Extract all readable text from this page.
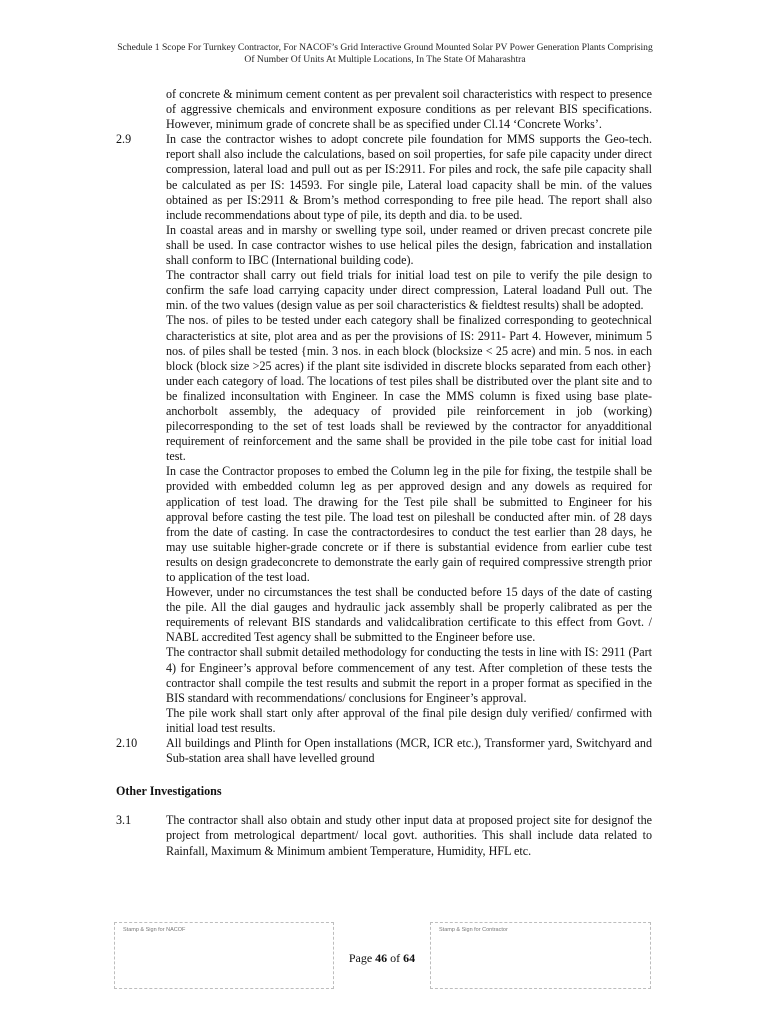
Schedule 1 Scope For Turnkey Contractor, For NACOF’s Grid Interactive Ground Mounted Solar PV Power Generation Plants Comprising
Of Number Of Units At Multiple Locations, In The State Of Maharashtra

of concrete & minimum cement content as per prevalent soil characteristics with respect to presence of aggressive chemicals and environment exposure conditions as per relevant BIS specifications. However, minimum grade of concrete shall be as specified under Cl.14 ‘Concrete Works’.

2.9	In case the contractor wishes to adopt concrete pile foundation for MMS supports the Geo-tech. report shall also include the calculations, based on soil properties, for safe pile capacity under direct compression, lateral load and pull out as per IS:2911. For piles and rock, the safe pile capacity shall be calculated as per IS: 14593. For single pile, Lateral load capacity shall be min. of the values obtained as per IS:2911 & Brom’s method corresponding to free pile head. The report shall also include recommendations about type of pile, its depth and dia. to be used.

In coastal areas and in marshy or swelling type soil, under reamed or driven precast concrete pile shall be used. In case contractor wishes to use helical piles the design, fabrication and installation shall conform to IBC (International building code).

The contractor shall carry out field trials for initial load test on pile to verify the pile design to confirm the safe load carrying capacity under direct compression, Lateral loadand Pull out. The min. of the two values (design value as per soil characteristics & fieldtest results) shall be adopted.

The nos. of piles to be tested under each category shall be finalized corresponding to geotechnical characteristics at site, plot area and as per the provisions of IS: 2911- Part 4. However, minimum 5 nos. of piles shall be tested {min. 3 nos. in each block (blocksize < 25 acre) and min. 5 nos. in each block (block size >25 acres) if the plant site isdivided in discrete blocks separated from each other} under each category of load. The locations of test piles shall be distributed over the plant site and to be finalized inconsultation with Engineer. In case the MMS column is fixed using base plate-anchorbolt assembly, the adequacy of provided pile reinforcement in job (working) pilecorresponding to the set of test loads shall be reviewed by the contractor for anyadditional requirement of reinforcement and the same shall be provided in the pile tobe cast for initial load test.

In case the Contractor proposes to embed the Column leg in the pile for fixing, the testpile shall be provided with embedded column leg as per approved design and any dowels as required for application of test load. The drawing for the Test pile shall be submitted to Engineer for his approval before casting the test pile. The load test on pileshall be conducted after min. of 28 days from the date of casting. In case the contractordesires to conduct the test earlier than 28 days, he may use suitable higher-grade concrete or if there is substantial evidence from earlier cube test results on design gradeconcrete to demonstrate the early gain of required compressive strength prior to application of the test load.

However, under no circumstances the test shall be conducted before 15 days of the date of casting the pile. All the dial gauges and hydraulic jack assembly shall be properly calibrated as per the requirements of relevant BIS standards and validcalibration certificate to this effect from Govt. / NABL accredited Test agency shall be submitted to the Engineer before use.

The contractor shall submit detailed methodology for conducting the tests in line with IS: 2911 (Part 4) for Engineer’s approval before commencement of any test. After completion of these tests the contractor shall compile the test results and submit the report in a proper format as specified in the BIS standard with recommendations/ conclusions for Engineer’s approval.

The pile work shall start only after approval of the final pile design duly verified/ confirmed with initial load test results.

2.10 All buildings and Plinth for Open installations (MCR, ICR etc.), Transformer yard, Switchyard and Sub-station area shall have levelled ground

Other Investigations
3.1	The contractor shall also obtain and study other input data at proposed project site for designof the project from metrological department/ local govt. authorities. This shall include data related to Rainfall, Maximum & Minimum ambient Temperature, Humidity, HFL etc.

Stamp & Sign for NACOF
Page 46 of 64
Stamp & Sign for Contractor
